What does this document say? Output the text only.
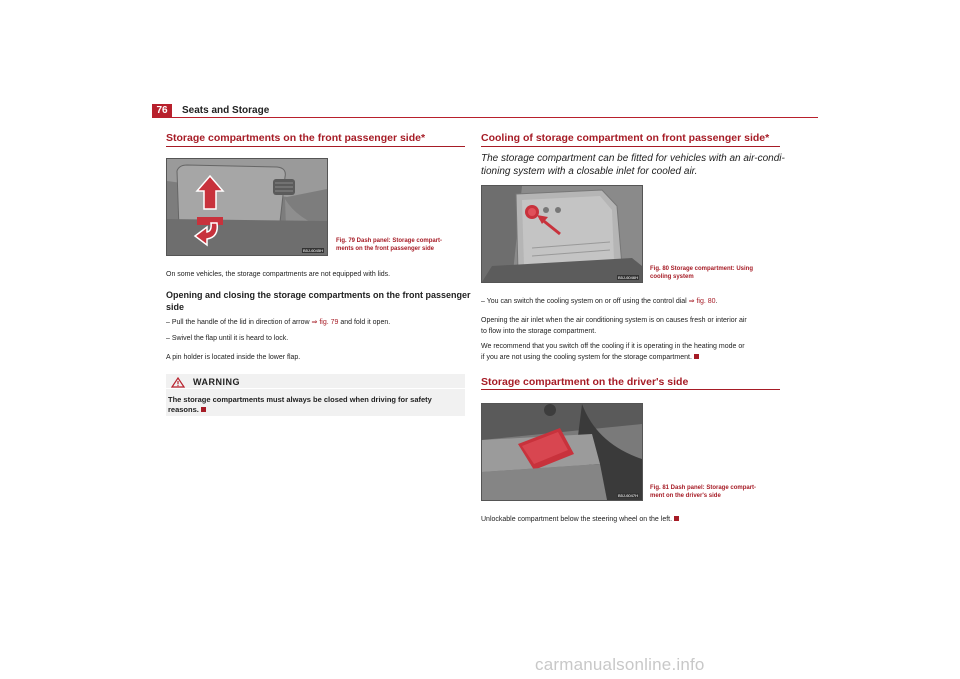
76	Seats and Storage
Storage compartments on the front passenger side*
B5J-6045H
Fig. 79 Dash panel: Storage compart-
ments on the front passenger side
On some vehicles, the storage compartments are not equipped with lids.
Opening and closing the storage compartments on the front passenger
side
– Pull the handle of the lid in direction of arrow ⇒ fig. 79 and fold it open.
– Swivel the flap until it is heard to lock.
A pin holder is located inside the lower flap.
WARNING
The storage compartments must always be closed when driving for safety
reasons.
Cooling of storage compartment on front passenger side*
The storage compartment can be fitted for vehicles with an air-condi-
tioning system with a closable inlet for cooled air.
B5J-6046H
Fig. 80 Storage compartment: Using
cooling system
– You can switch the cooling system on or off using the control dial ⇒ fig. 80.
Opening the air inlet when the air conditioning system is on causes fresh or interior air
to flow into the storage compartment.
We recommend that you switch off the cooling if it is operating in the heating mode or
if you are not using the cooling system for the storage compartment.
Storage compartment on the driver's side
B5J-6047H
Fig. 81 Dash panel: Storage compart-
ment on the driver's side
Unlockable compartment below the steering wheel on the left.
carmanualsonline.info
